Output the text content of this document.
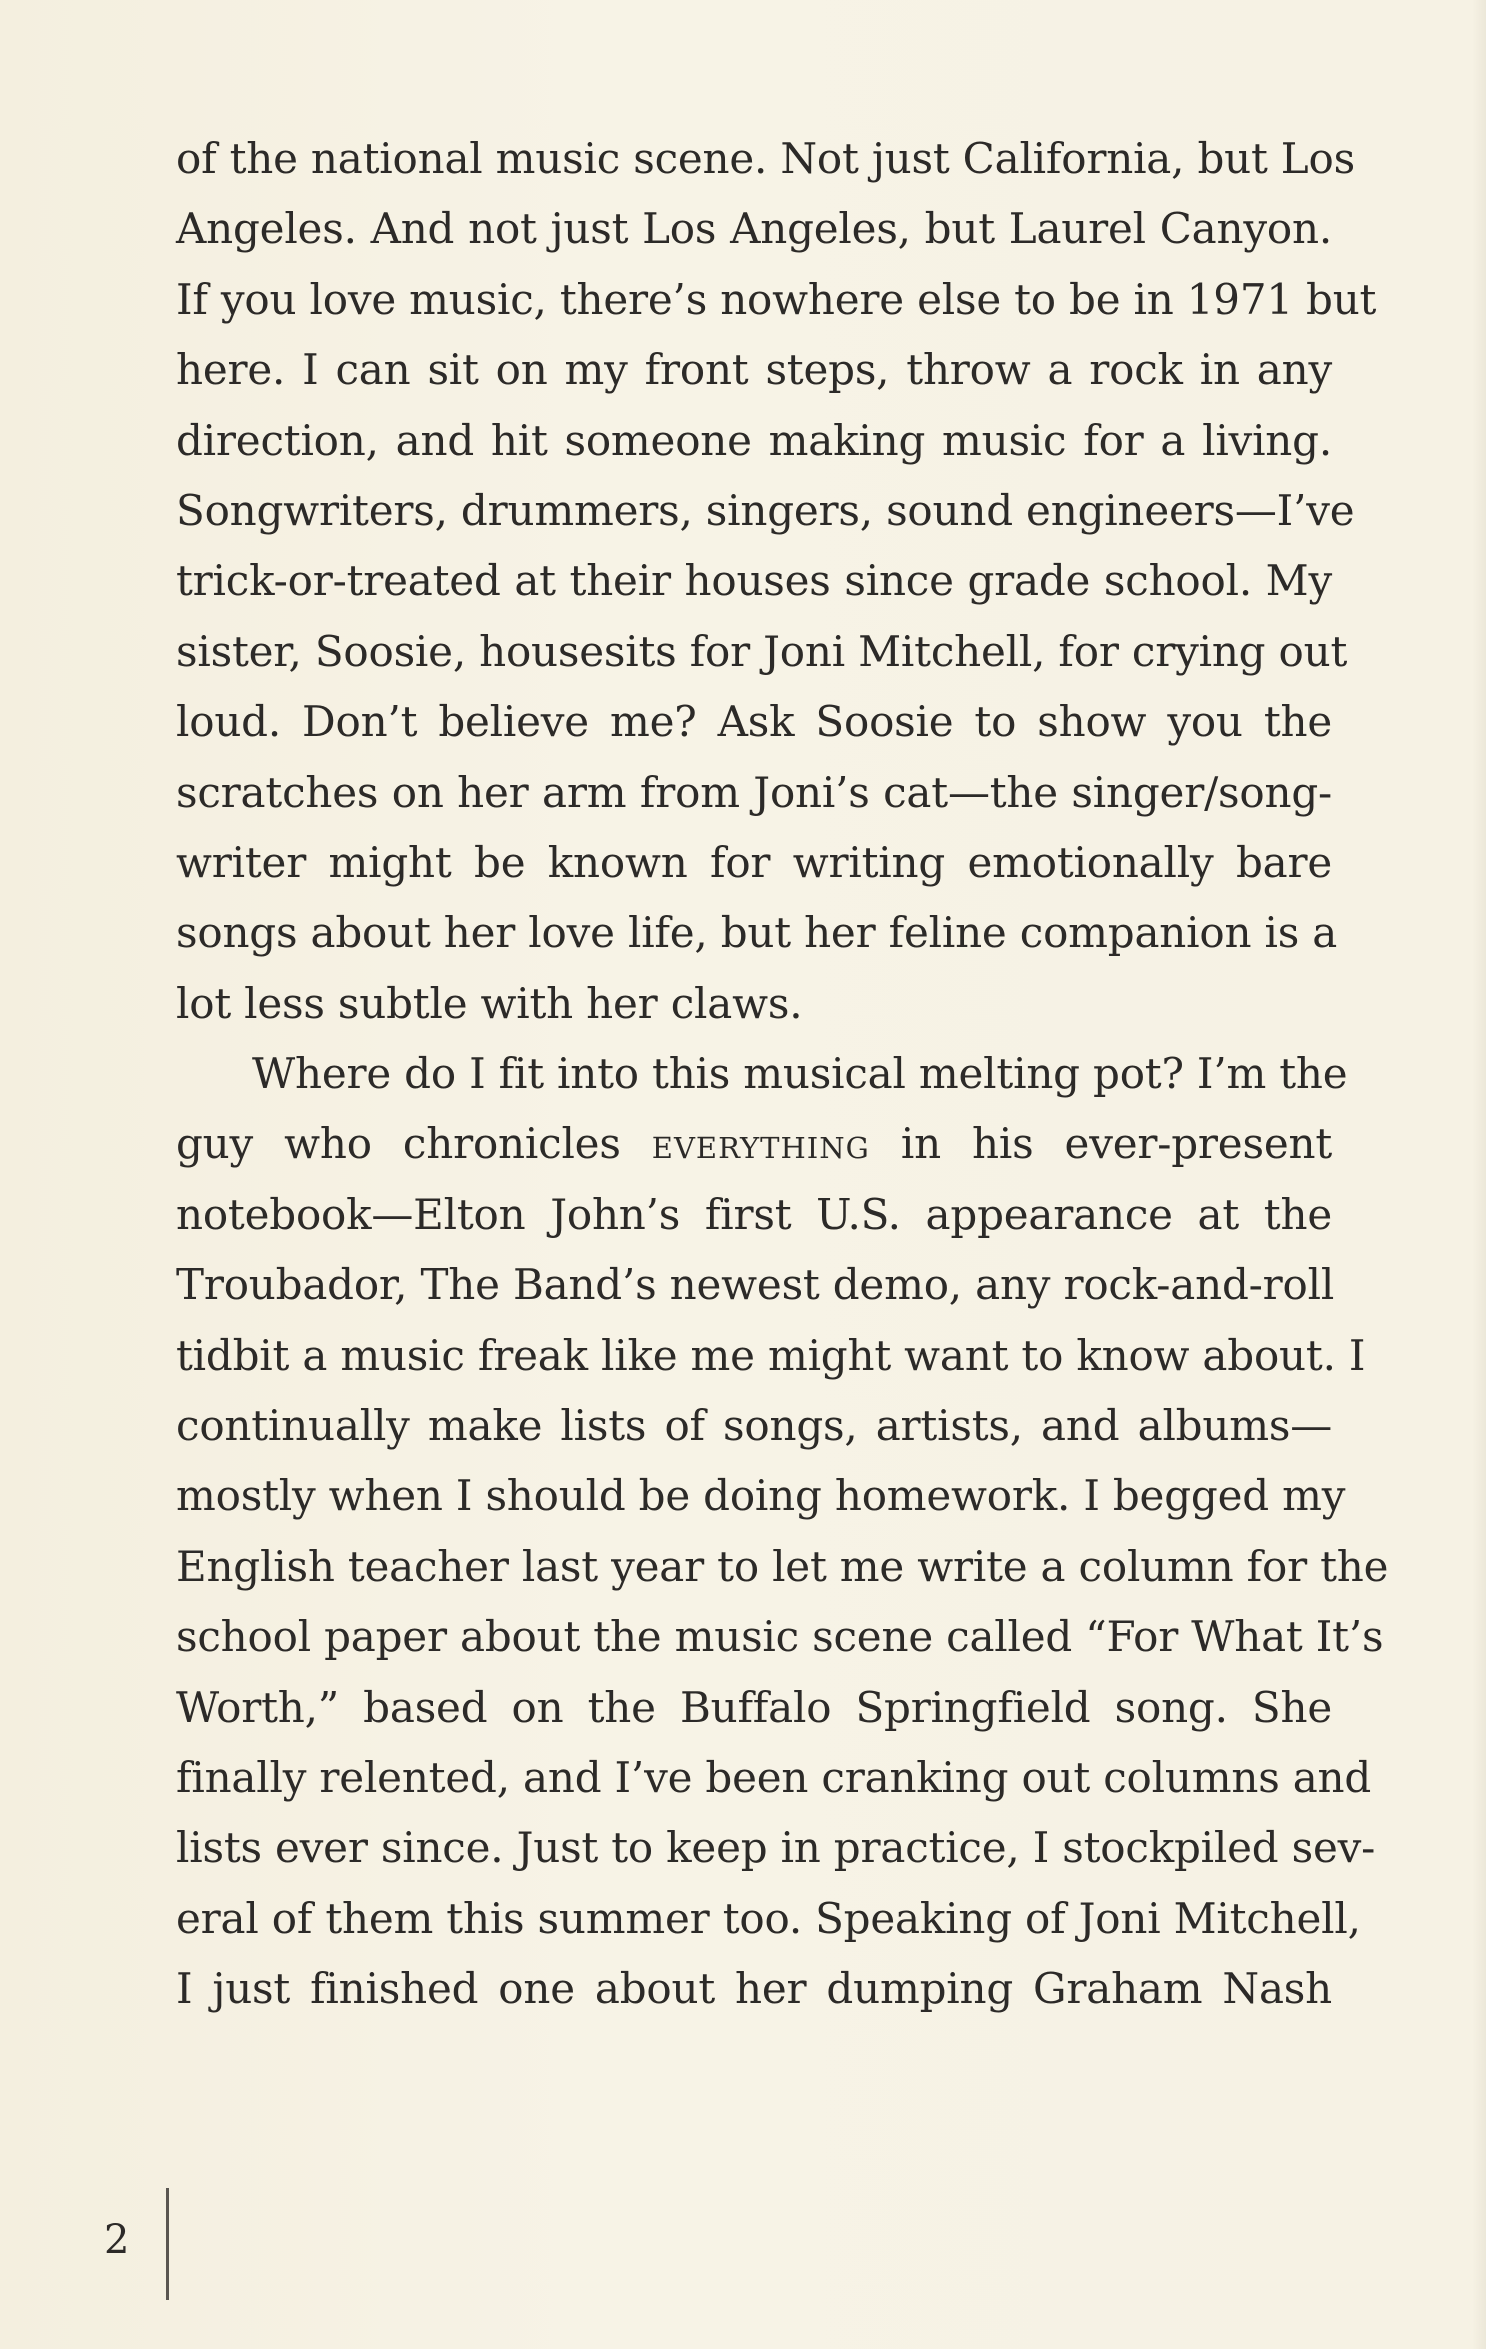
of the national music scene. Not just California, but Los
Angeles. And not just Los Angeles, but Laurel Canyon.
If you love music, there’s nowhere else to be in 1971 but
here. I can sit on my front steps, throw a rock in any
direction, and hit someone making music for a living.
Songwriters, drummers, singers, sound engineers—I’ve
trick-or-treated at their houses since grade school. My
sister, Soosie, housesits for Joni Mitchell, for crying out
loud. Don’t believe me? Ask Soosie to show you the
scratches on her arm from Joni’s cat—the singer/song-
writer might be known for writing emotionally bare
songs about her love life, but her feline companion is a
lot less subtle with her claws.
Where do I fit into this musical melting pot? I’m the
guy who chronicles everything in his ever-present
notebook—Elton John’s first U.S. appearance at the
Troubador, The Band’s newest demo, any rock-and-roll
tidbit a music freak like me might want to know about. I
continually make lists of songs, artists, and albums—
mostly when I should be doing homework. I begged my
English teacher last year to let me write a column for the
school paper about the music scene called “For What It’s
Worth,” based on the Buffalo Springfield song. She
finally relented, and I’ve been cranking out columns and
lists ever since. Just to keep in practice, I stockpiled sev-
eral of them this summer too. Speaking of Joni Mitchell,
I just finished one about her dumping Graham Nash
2
